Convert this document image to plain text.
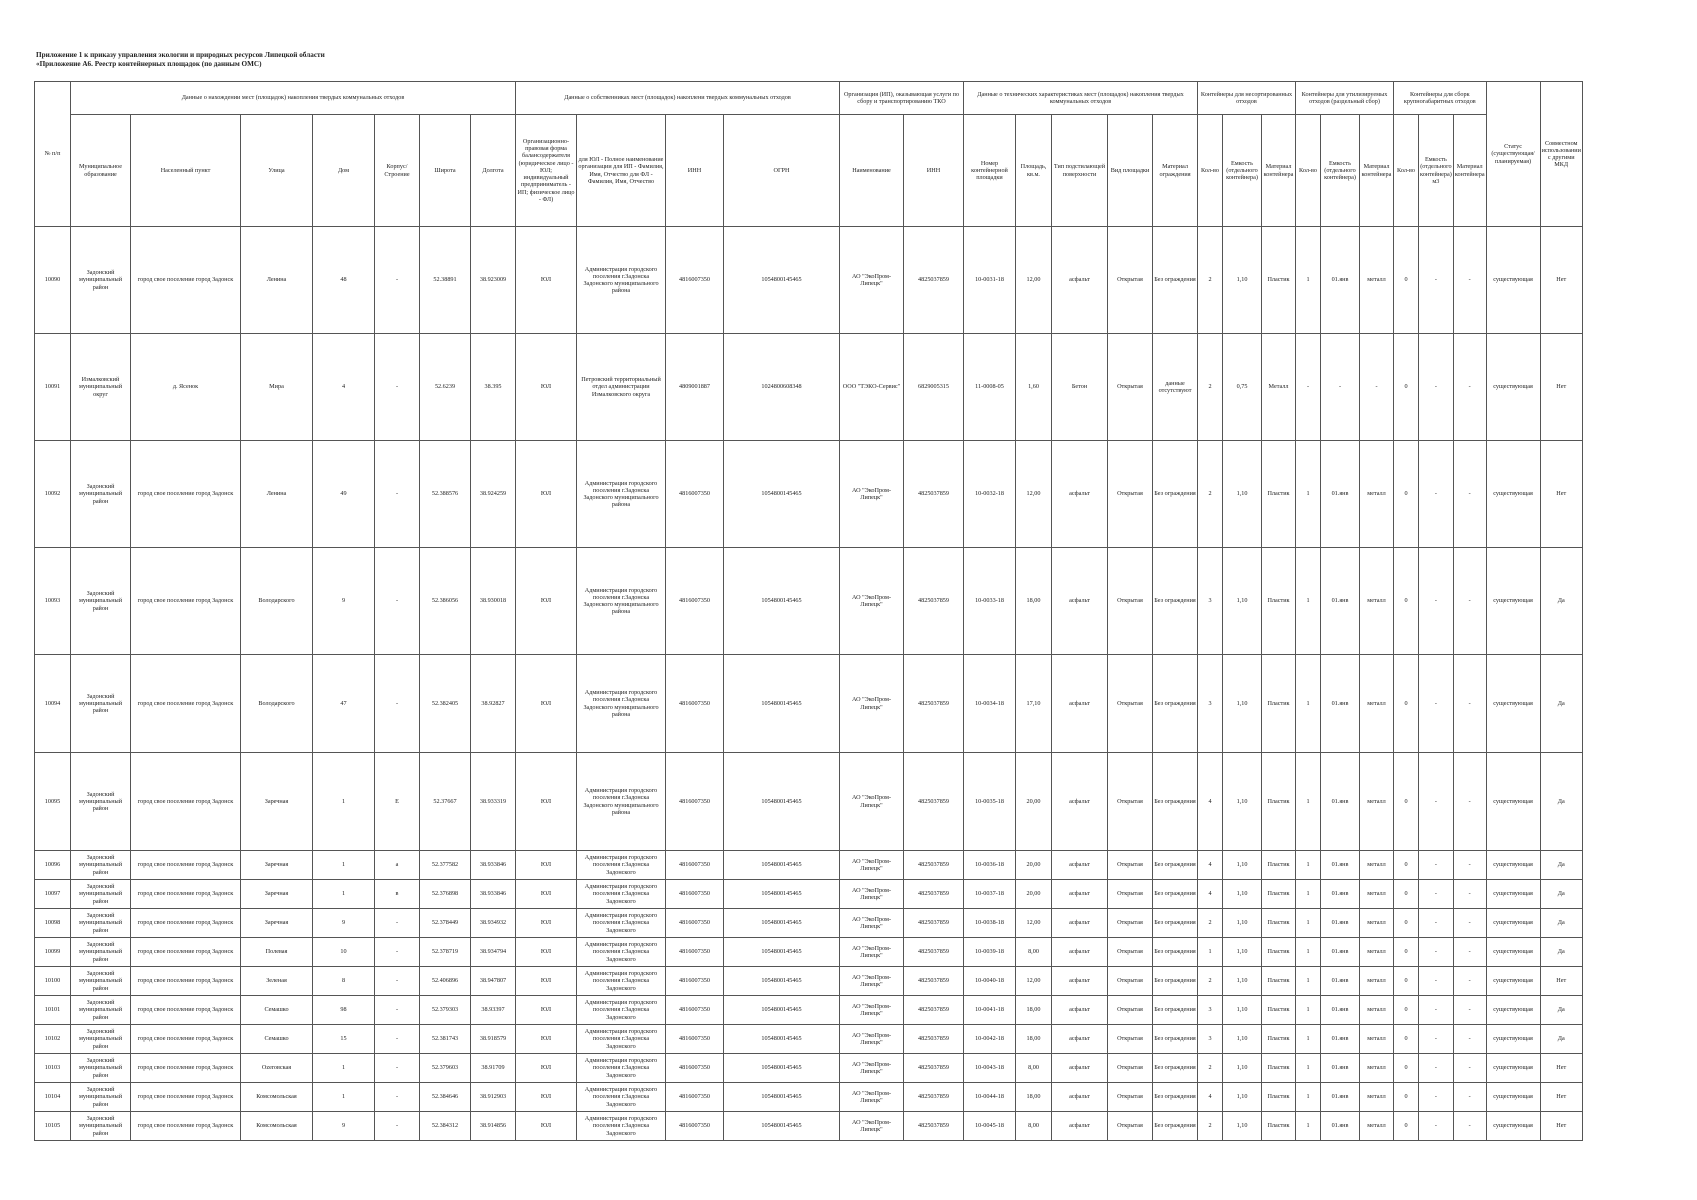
Приложение 1 к приказу управления экологии и природных ресурсов Липецкой области
«Приложение А6. Реестр контейнерных площадок (по данным ОМС)
№ п/п	Данные о нахождении мест (площадок) накопления твердых коммунальных отходов							Данные о собственниках мест (площадок) накоплени твердых коммунальных отходов				Организация (ИП), оказывающая услуги по сбору и транспортированию ТКО		Данные о технических характеристиках мест (площадок) накопления твердых коммунальных отходов					Контейнеры для несортированных отходов			Контейнеры для утилизируемых отходов (раздельный сбор)			Контейнеры для сборк крупногабаритных отходов			Статус (существующая/ планируемая)	Совместном использовании с другими МКД
	Муниципальное образование	Населенный пункт	Улица	Дом	Корпус/Строение	Широта	Долгота	Организационно-правовая форма балансодержателя (юридическое лицо - ЮЛ; индивидуальный предприниматель - ИП; физическое лицо - ФЛ)	для ЮЛ - Полное наименование организации для ИП - Фамилия, Имя, Отчество для ФЛ - Фамилия, Имя, Отчество	ИНН	ОГРН	Наименование	ИНН	Номер контейнерной площадки	Площадь, кв.м.	Тип подстилающей поверхности	Вид площадки	Материал ограждения	Кол-во	Емкость (отдельного контейнера)	Материал контейнера	Кол-во	Емкость (отдельного контейнера)	Материал контейнера	Кол-во	Емкость (отдельного контейнера) м3	Материал контейнера		
10090	Задонский муниципальный район	город свое поселение город Задонск	Ленина	48	-	52.38891	38.923009	ЮЛ	Администрация городского поселения г.Задонска Задонского муниципального района	4816007350	1054800145465	АО "ЭкоПром-Липецк"	4825037859	10-0031-18	12,00	асфальт	Открытая	Без ограждения	2	1,10	Пластик	1	01.янв	металл	0	-	-	существующая	Нет
10091	Измалковский муниципальный округ	д. Ясенок	Мира	4	-	52.6239	38.395	ЮЛ	Петровский территориальный отдел администрации Измалковского округа	4809001887	1024800608348	ООО "ТЭКО-Сервис"	6829005315	11-0008-05	1,60	Бетон	Открытая	данные отсутствуют	2	0,75	Металл	-	-	-	0	-	-	существующая	Нет
10092	Задонский муниципальный район	город свое поселение город Задонск	Ленина	49	-	52.388576	38.924259	ЮЛ	Администрация городского поселения г.Задонска Задонского муниципального района	4816007350	1054800145465	АО "ЭкоПром-Липецк"	4825037859	10-0032-18	12,00	асфальт	Открытая	Без ограждения	2	1,10	Пластик	1	01.янв	металл	0	-	-	существующая	Нет
10093	Задонский муниципальный район	город свое поселение город Задонск	Володарского	9	-	52.386056	38.930018	ЮЛ	Администрация городского поселения г.Задонска Задонского муниципального района	4816007350	1054800145465	АО "ЭкоПром-Липецк"	4825037859	10-0033-18	18,00	асфальт	Открытая	Без ограждения	3	1,10	Пластик	1	01.янв	металл	0	-	-	существующая	Да
10094	Задонский муниципальный район	город свое поселение город Задонск	Володарского	47	-	52.382405	38.92827	ЮЛ	Администрация городского поселения г.Задонска Задонского муниципального района	4816007350	1054800145465	АО "ЭкоПром-Липецк"	4825037859	10-0034-18	17,10	асфальт	Открытая	Без ограждения	3	1,10	Пластик	1	01.янв	металл	0	-	-	существующая	Да
10095	Задонский муниципальный район	город свое поселение город Задонск	Заречная	1	Е	52.37667	38.933319	ЮЛ	Администрация городского поселения г.Задонска Задонского муниципального района	4816007350	1054800145465	АО "ЭкоПром-Липецк"	4825037859	10-0035-18	20,00	асфальт	Открытая	Без ограждения	4	1,10	Пластик	1	01.янв	металл	0	-	-	существующая	Да
10096	Задонский муниципальный район	город свое поселение город Задонск	Заречная	1	а	52.377582	38.933846	ЮЛ	Администрация городского поселения г.Задонска Задонского	4816007350	1054800145465	АО "ЭкоПром-Липецк"	4825037859	10-0036-18	20,00	асфальт	Открытая	Без ограждения	4	1,10	Пластик	1	01.янв	металл	0	-	-	существующая	Да
10097	Задонский муниципальный район	город свое поселение город Задонск	Заречная	1	в	52.376898	38.933846	ЮЛ	Администрация городского поселения г.Задонска Задонского	4816007350	1054800145465	АО "ЭкоПром-Липецк"	4825037859	10-0037-18	20,00	асфальт	Открытая	Без ограждения	4	1,10	Пластик	1	01.янв	металл	0	-	-	существующая	Да
10098	Задонский муниципальный район	город свое поселение город Задонск	Заречная	9	-	52.378449	38.934932	ЮЛ	Администрация городского поселения г.Задонска Задонского	4816007350	1054800145465	АО "ЭкоПром-Липецк"	4825037859	10-0038-18	12,00	асфальт	Открытая	Без ограждения	2	1,10	Пластик	1	01.янв	металл	0	-	-	существующая	Да
10099	Задонский муниципальный район	город свое поселение город Задонск	Полевая	10	-	52.378719	38.934794	ЮЛ	Администрация городского поселения г.Задонска Задонского	4816007350	1054800145465	АО "ЭкоПром-Липецк"	4825037859	10-0039-18	8,00	асфальт	Открытая	Без ограждения	1	1,10	Пластик	1	01.янв	металл	0	-	-	существующая	Да
10100	Задонский муниципальный район	город свое поселение город Задонск	Зеленая	8	-	52.406896	38.947807	ЮЛ	Администрация городского поселения г.Задонска Задонского	4816007350	1054800145465	АО "ЭкоПром-Липецк"	4825037859	10-0040-18	12,00	асфальт	Открытая	Без ограждения	2	1,10	Пластик	1	01.янв	металл	0	-	-	существующая	Нет
10101	Задонский муниципальный район	город свое поселение город Задонск	Семашко	98	-	52.379303	38.93397	ЮЛ	Администрация городского поселения г.Задонска Задонского	4816007350	1054800145465	АО "ЭкоПром-Липецк"	4825037859	10-0041-18	18,00	асфальт	Открытая	Без ограждения	3	1,10	Пластик	1	01.янв	металл	0	-	-	существующая	Да
10102	Задонский муниципальный район	город свое поселение город Задонск	Семашко	15	-	52.381743	38.918579	ЮЛ	Администрация городского поселения г.Задонска Задонского	4816007350	1054800145465	АО "ЭкоПром-Липецк"	4825037859	10-0042-18	18,00	асфальт	Открытая	Без ограждения	3	1,10	Пластик	1	01.янв	металл	0	-	-	существующая	Да
10103	Задонский муниципальный район	город свое поселение город Задонск	Оzerовская	1	-	52.379603	38.91709	ЮЛ	Администрация городского поселения г.Задонска Задонского	4816007350	1054800145465	АО "ЭкоПром-Липецк"	4825037859	10-0043-18	8,00	асфальт	Открытая	Без ограждения	2	1,10	Пластик	1	01.янв	металл	0	-	-	существующая	Нет
10104	Задонский муниципальный район	город свое поселение город Задонск	Комсомольская	1	-	52.384646	38.912903	ЮЛ	Администрация городского поселения г.Задонска Задонского	4816007350	1054800145465	АО "ЭкоПром-Липецк"	4825037859	10-0044-18	18,00	асфальт	Открытая	Без ограждения	4	1,10	Пластик	1	01.янв	металл	0	-	-	существующая	Нет
10105	Задонский муниципальный район	город свое поселение город Задонск	Комсомольская	9	-	52.384312	38.914856	ЮЛ	Администрация городского поселения г.Задонска Задонского	4816007350	1054800145465	АО "ЭкоПром-Липецк"	4825037859	10-0045-18	8,00	асфальт	Открытая	Без ограждения	2	1,10	Пластик	1	01.янв	металл	0	-	-	существующая	Нет
